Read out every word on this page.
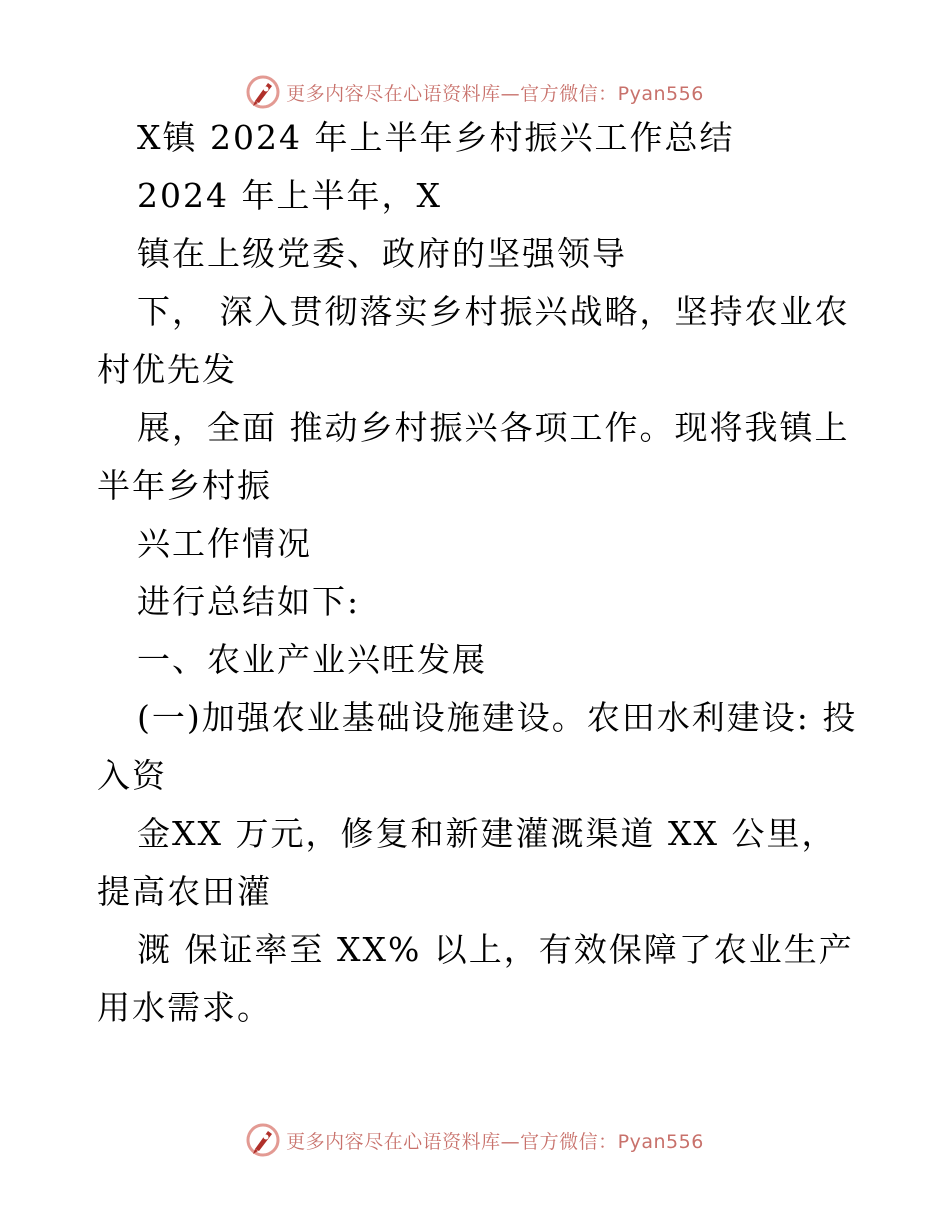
更多内容尽在心语资料库—官方微信：Pyan556
X镇 2024 年上半年乡村振兴工作总结
2024 年上半年，X
镇在上级党委、政府的坚强领导
下， 深入贯彻落实乡村振兴战略，坚持农业农
村优先发
展，全面 推动乡村振兴各项工作。现将我镇上
半年乡村振
兴工作情况
进行总结如下:
一、农业产业兴旺发展
(一)加强农业基础设施建设。农田水利建设: 投
入资
金XX 万元，修复和新建灌溉渠道 XX 公里，
提高农田灌
溉 保证率至 XX% 以上，有效保障了农业生产
用水需求。
更多内容尽在心语资料库—官方微信：Pyan556
